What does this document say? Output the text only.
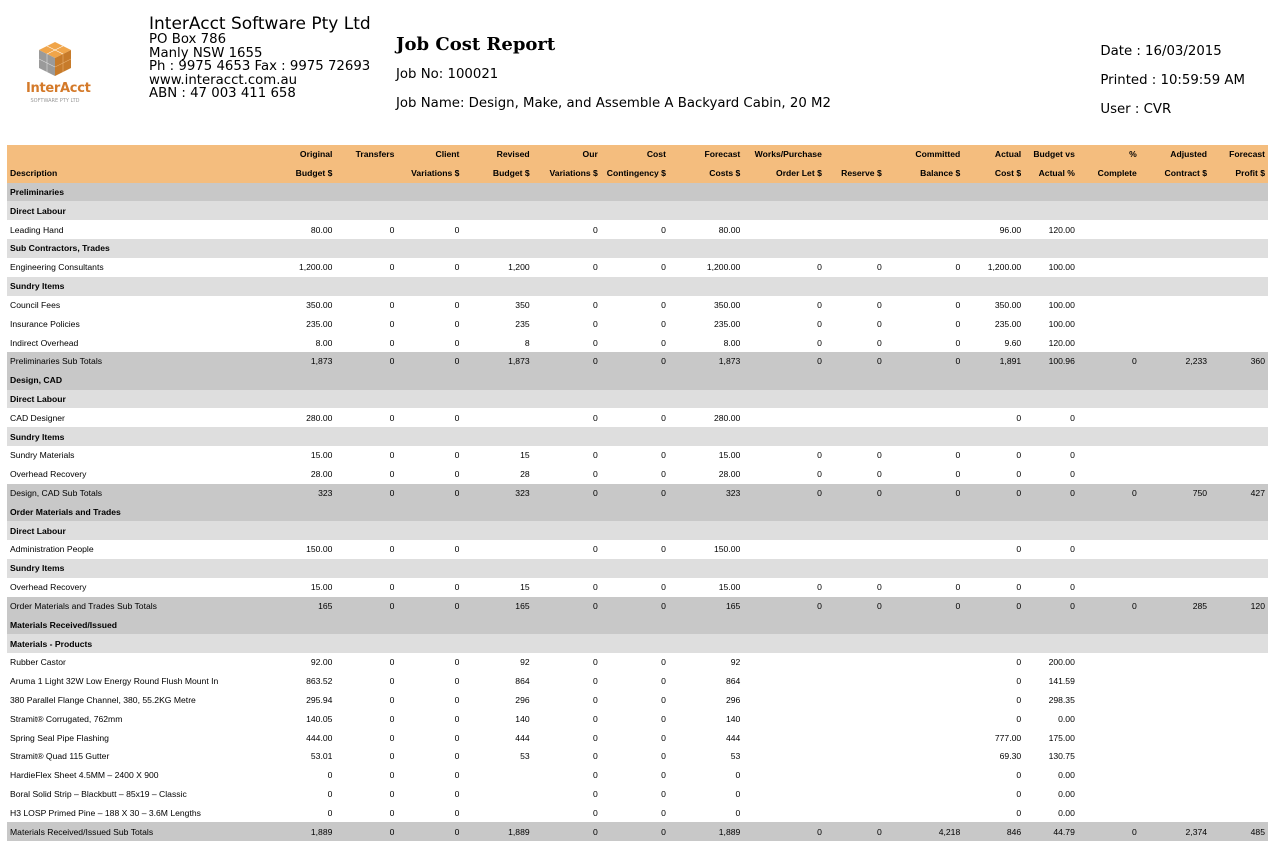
InterAcct
SOFTWARE PTY LTD
InterAcct Software Pty Ltd
PO Box 786
Manly NSW 1655
Ph : 9975 4653 Fax : 9975 72693
www.interacct.com.au
ABN : 47 003 411 658
Job Cost Report
Job No: 100021
Job Name: Design, Make, and Assemble A Backyard Cabin, 20 M2
Date : 16/03/2015
Printed : 10:59:59 AM
User : CVR
	Original	Transfers	Client	Revised	Our	Cost	Forecast	Works/Purchase		Committed	Actual	Budget vs	%	Adjusted	Forecast
Description	Budget $		Variations $	Budget $	Variations $	Contingency $	Costs $	Order Let $	Reserve $	Balance $	Cost $	Actual %	Complete	Contract $	Profit $
Preliminaries															
Direct Labour															
Leading Hand	80.00	0	0		0	0	80.00				96.00	120.00			
Sub Contractors, Trades															
Engineering Consultants	1,200.00	0	0	1,200	0	0	1,200.00	0	0	0	1,200.00	100.00			
Sundry Items															
Council Fees	350.00	0	0	350	0	0	350.00	0	0	0	350.00	100.00			
Insurance Policies	235.00	0	0	235	0	0	235.00	0	0	0	235.00	100.00			
Indirect Overhead	8.00	0	0	8	0	0	8.00	0	0	0	9.60	120.00			
Preliminaries Sub Totals	1,873	0	0	1,873	0	0	1,873	0	0	0	1,891	100.96	0	2,233	360
Design, CAD															
Direct Labour															
CAD Designer	280.00	0	0		0	0	280.00				0	0			
Sundry Items															
Sundry Materials	15.00	0	0	15	0	0	15.00	0	0	0	0	0			
Overhead Recovery	28.00	0	0	28	0	0	28.00	0	0	0	0	0			
Design, CAD Sub Totals	323	0	0	323	0	0	323	0	0	0	0	0	0	750	427
Order Materials and Trades															
Direct Labour															
Administration People	150.00	0	0		0	0	150.00				0	0			
Sundry Items															
Overhead Recovery	15.00	0	0	15	0	0	15.00	0	0	0	0	0			
Order Materials and Trades Sub Totals	165	0	0	165	0	0	165	0	0	0	0	0	0	285	120
Materials Received/Issued															
Materials - Products															
Rubber Castor	92.00	0	0	92	0	0	92				0	200.00			
Aruma 1 Light 32W Low Energy Round Flush Mount In	863.52	0	0	864	0	0	864				0	141.59			
380 Parallel Flange Channel, 380, 55.2KG Metre	295.94	0	0	296	0	0	296				0	298.35			
Stramit® Corrugated, 762mm	140.05	0	0	140	0	0	140				0	0.00			
Spring Seal Pipe Flashing	444.00	0	0	444	0	0	444				777.00	175.00			
Stramit® Quad 115 Gutter	53.01	0	0	53	0	0	53				69.30	130.75			
HardieFlex Sheet 4.5MM – 2400 X 900	0	0	0		0	0	0				0	0.00			
Boral Solid Strip – Blackbutt – 85x19 – Classic	0	0	0		0	0	0				0	0.00			
H3 LOSP Primed Pine – 188 X 30 – 3.6M Lengths	0	0	0		0	0	0				0	0.00			
Materials Received/Issued Sub Totals	1,889	0	0	1,889	0	0	1,889	0	0	4,218	846	44.79	0	2,374	485
